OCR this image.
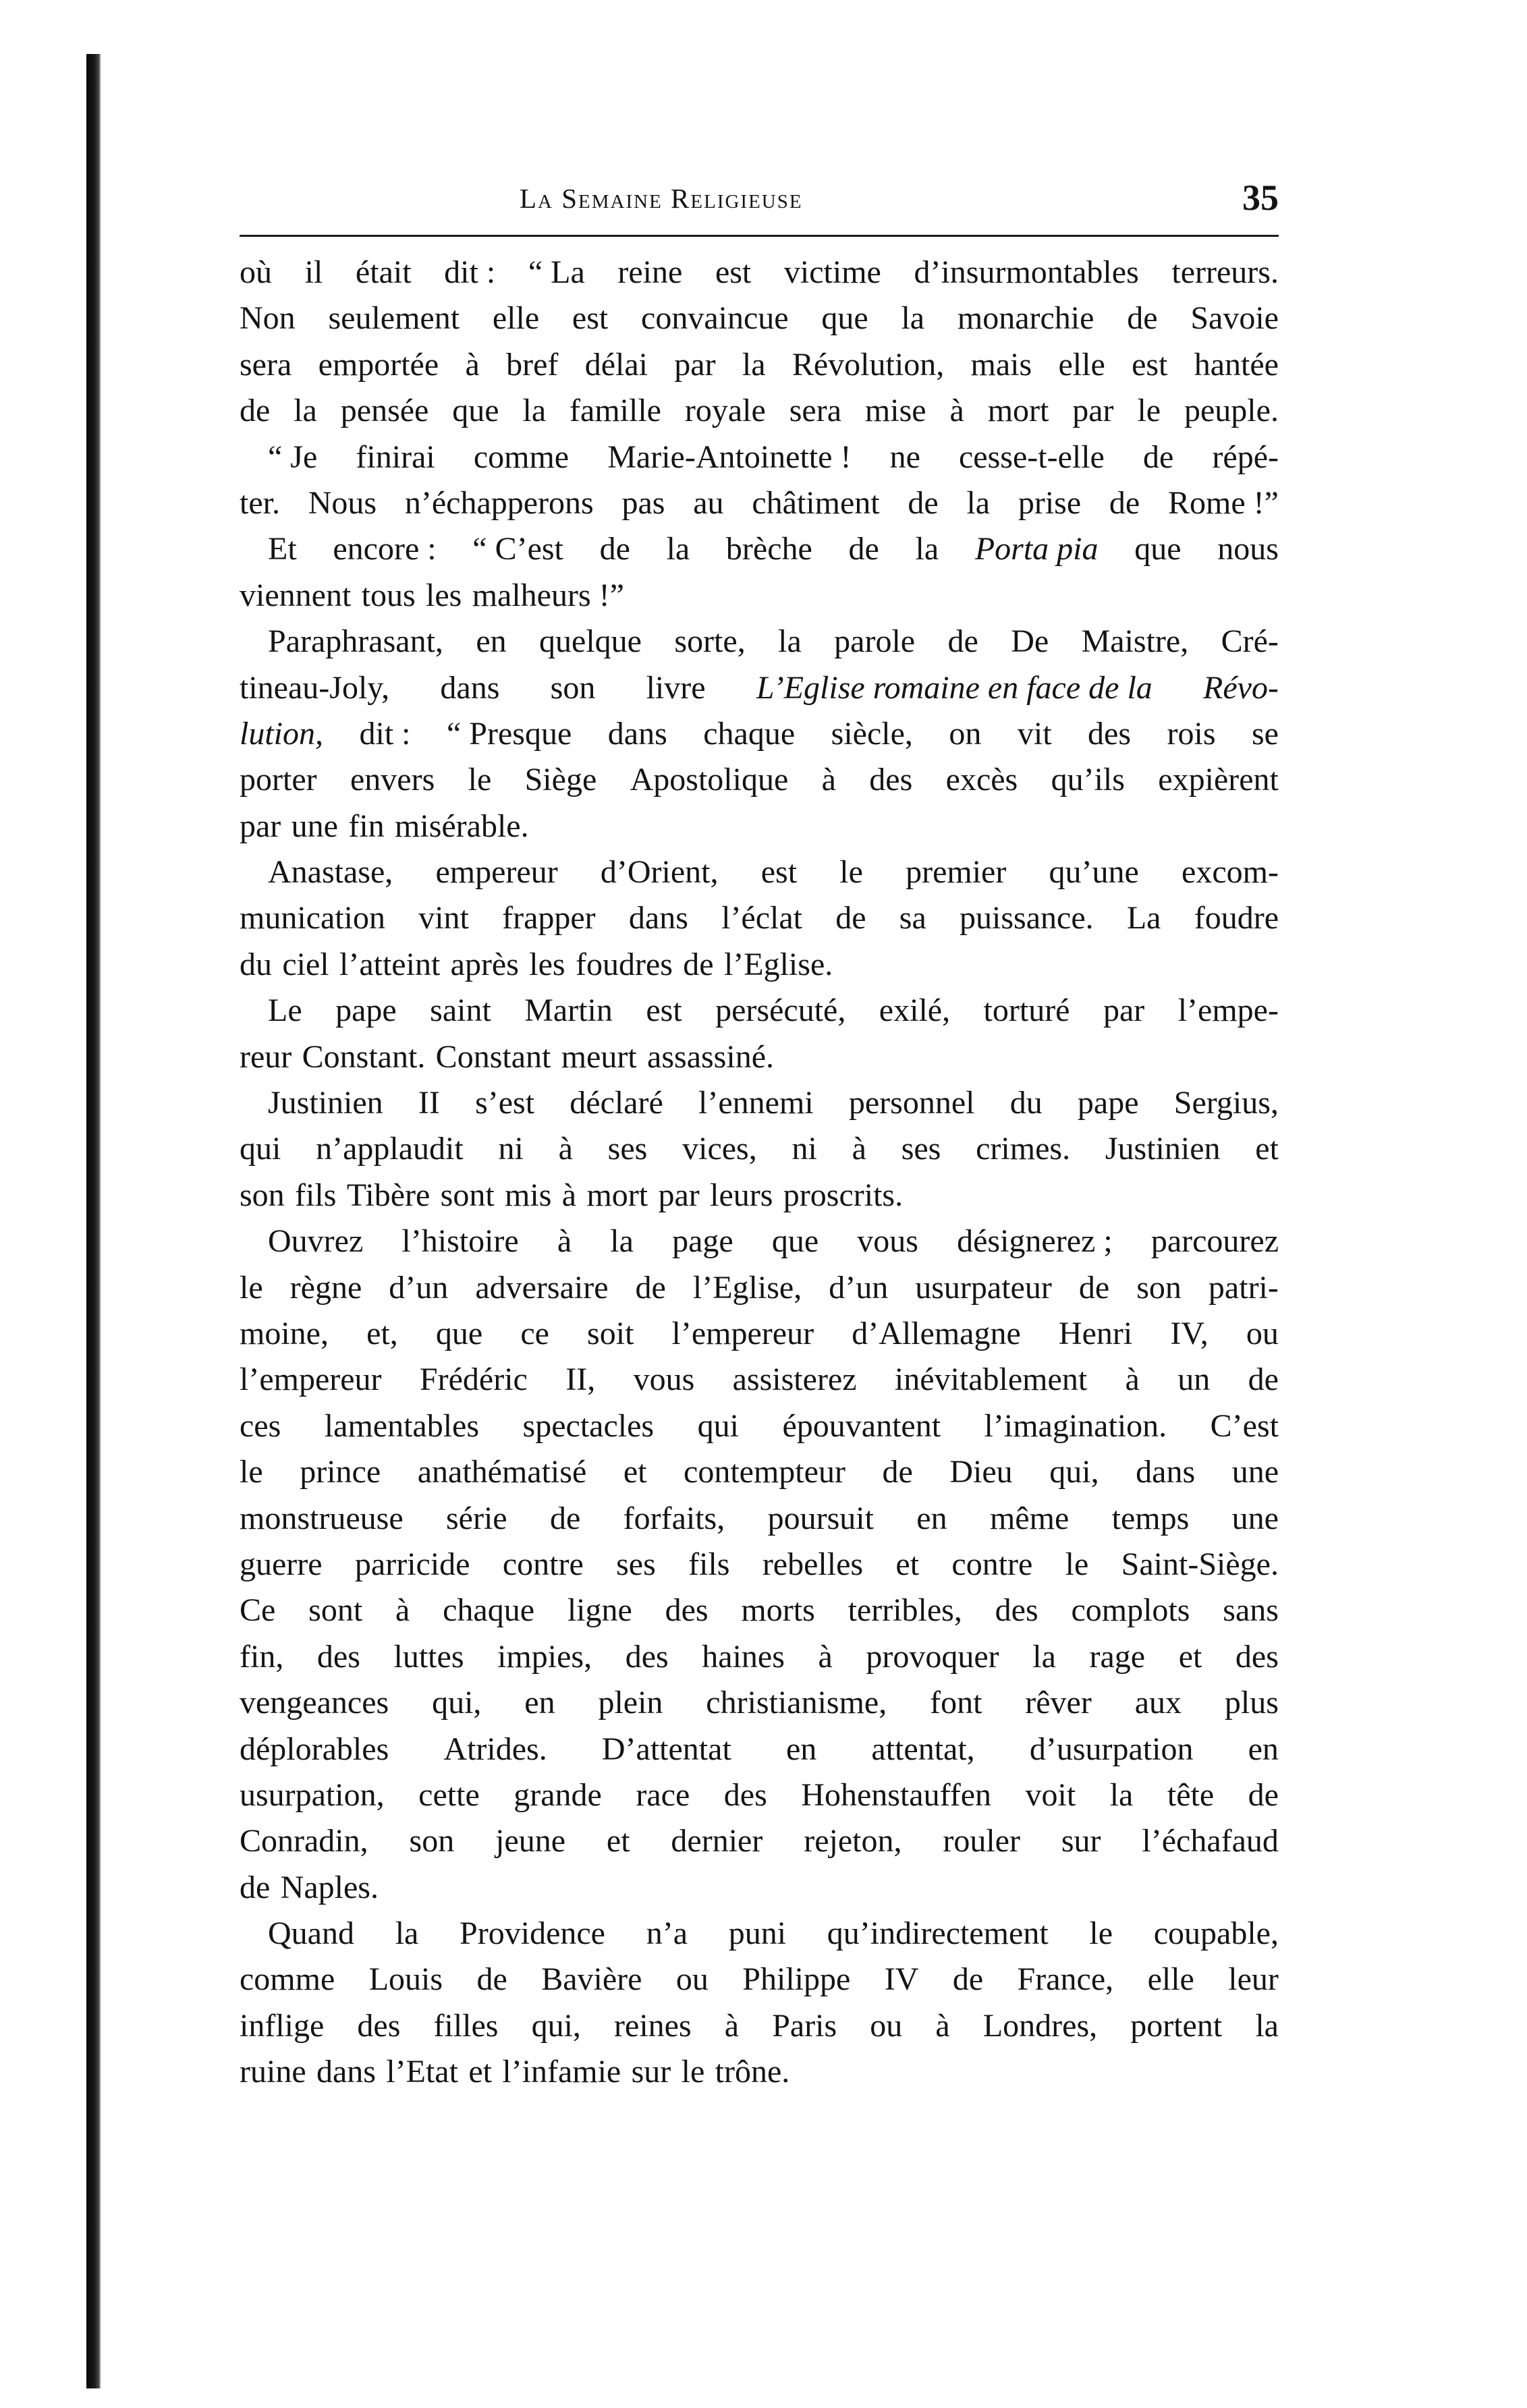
La Semaine Religieuse	35
où il était dit : “ La reine est victime d’insurmontables terreurs.
Non seulement elle est convaincue que la monarchie de Savoie
sera emportée à bref délai par la Révolution, mais elle est hantée
de la pensée que la famille royale sera mise à mort par le peuple.
“ Je finirai comme Marie-Antoinette ! ne cesse-t-elle de répé-
ter. Nous n’échapperons pas au châtiment de la prise de Rome !”
Et encore : “ C’est de la brèche de la Porta pia que nous
viennent tous les malheurs !”
Paraphrasant, en quelque sorte, la parole de De Maistre, Cré-
tineau-Joly, dans son livre L’Eglise romaine en face de la Révo-
lution, dit : “ Presque dans chaque siècle, on vit des rois se
porter envers le Siège Apostolique à des excès qu’ils expièrent
par une fin misérable.
Anastase, empereur d’Orient, est le premier qu’une excom-
munication vint frapper dans l’éclat de sa puissance. La foudre
du ciel l’atteint après les foudres de l’Eglise.
Le pape saint Martin est persécuté, exilé, torturé par l’empe-
reur Constant. Constant meurt assassiné.
Justinien II s’est déclaré l’ennemi personnel du pape Sergius,
qui n’applaudit ni à ses vices, ni à ses crimes. Justinien et
son fils Tibère sont mis à mort par leurs proscrits.
Ouvrez l’histoire à la page que vous désignerez ; parcourez
le règne d’un adversaire de l’Eglise, d’un usurpateur de son patri-
moine, et, que ce soit l’empereur d’Allemagne Henri IV, ou
l’empereur Frédéric II, vous assisterez inévitablement à un de
ces lamentables spectacles qui épouvantent l’imagination. C’est
le prince anathématisé et contempteur de Dieu qui, dans une
monstrueuse série de forfaits, poursuit en même temps une
guerre parricide contre ses fils rebelles et contre le Saint-Siège.
Ce sont à chaque ligne des morts terribles, des complots sans
fin, des luttes impies, des haines à provoquer la rage et des
vengeances qui, en plein christianisme, font rêver aux plus
déplorables Atrides. D’attentat en attentat, d’usurpation en
usurpation, cette grande race des Hohenstauffen voit la tête de
Conradin, son jeune et dernier rejeton, rouler sur l’échafaud
de Naples.
Quand la Providence n’a puni qu’indirectement le coupable,
comme Louis de Bavière ou Philippe IV de France, elle leur
inflige des filles qui, reines à Paris ou à Londres, portent la
ruine dans l’Etat et l’infamie sur le trône.
